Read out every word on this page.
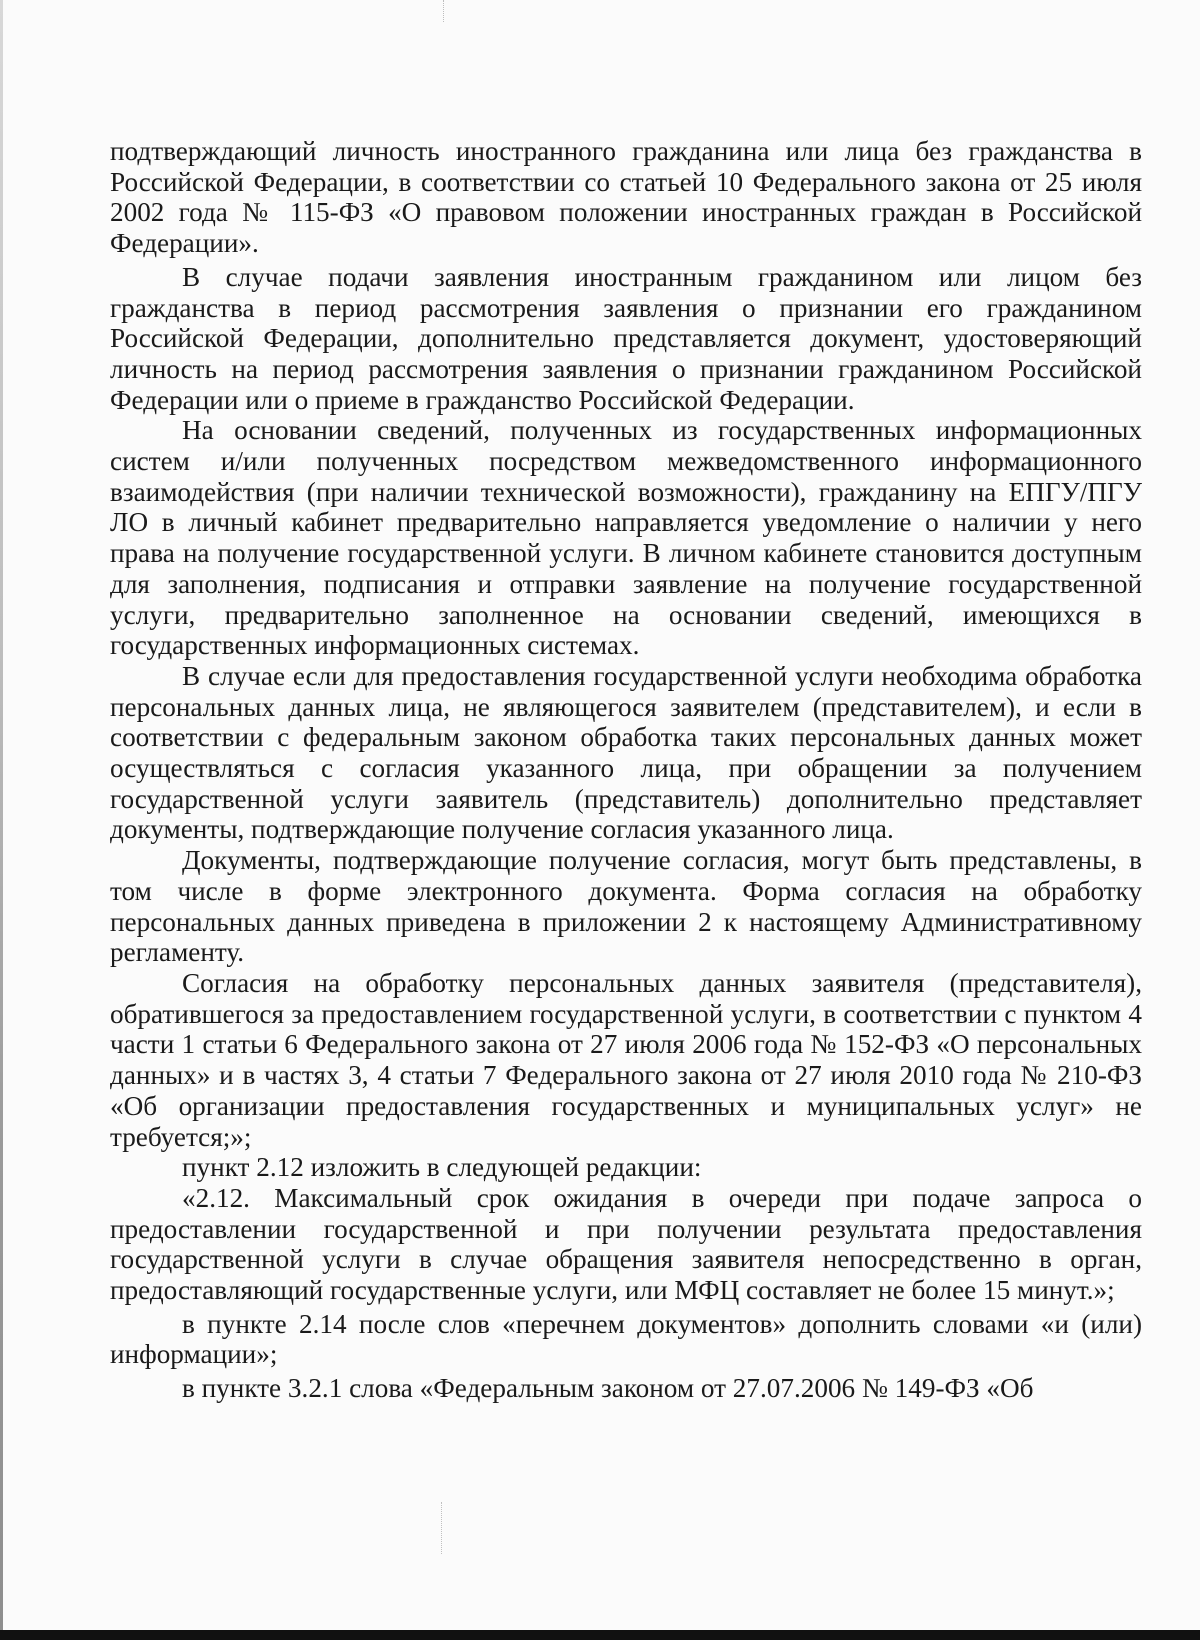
подтверждающий личность иностранного гражданина или лица без гражданства в Российской Федерации, в соответствии со статьей 10 Федерального закона от 25 июля 2002 года № 115-ФЗ «О правовом положении иностранных граждан в Российской Федерации».

В случае подачи заявления иностранным гражданином или лицом без гражданства в период рассмотрения заявления о признании его гражданином Российской Федерации, дополнительно представляется документ, удостоверяющий личность на период рассмотрения заявления о признании гражданином Российской Федерации или о приеме в гражданство Российской Федерации.

На основании сведений, полученных из государственных информационных систем и/или полученных посредством межведомственного информационного взаимодействия (при наличии технической возможности), гражданину на ЕПГУ/ПГУ ЛО в личный кабинет предварительно направляется уведомление о наличии у него права на получение государственной услуги. В личном кабинете становится доступным для заполнения, подписания и отправки заявление на получение государственной услуги, предварительно заполненное на основании сведений, имеющихся в государственных информационных системах.

В случае если для предоставления государственной услуги необходима обработка персональных данных лица, не являющегося заявителем (представителем), и если в соответствии с федеральным законом обработка таких персональных данных может осуществляться с согласия указанного лица, при обращении за получением государственной услуги заявитель (представитель) дополнительно представляет документы, подтверждающие получение согласия указанного лица.

Документы, подтверждающие получение согласия, могут быть представлены, в том числе в форме электронного документа. Форма согласия на обработку персональных данных приведена в приложении 2 к настоящему Административному регламенту.

Согласия на обработку персональных данных заявителя (представителя), обратившегося за предоставлением государственной услуги, в соответствии с пунктом 4 части 1 статьи 6 Федерального закона от 27 июля 2006 года № 152-ФЗ «О персональных данных» и в частях 3, 4 статьи 7 Федерального закона от 27 июля 2010 года № 210-ФЗ «Об организации предоставления государственных и муниципальных услуг» не требуется;»;

пункт 2.12 изложить в следующей редакции:

«2.12. Максимальный срок ожидания в очереди при подаче запроса о предоставлении государственной и при получении результата предоставления государственной услуги в случае обращения заявителя непосредственно в орган, предоставляющий государственные услуги, или МФЦ составляет не более 15 минут.»;

в пункте 2.14 после слов «перечнем документов» дополнить словами «и (или) информации»;

в пункте 3.2.1 слова «Федеральным законом от 27.07.2006 № 149-ФЗ «Об
